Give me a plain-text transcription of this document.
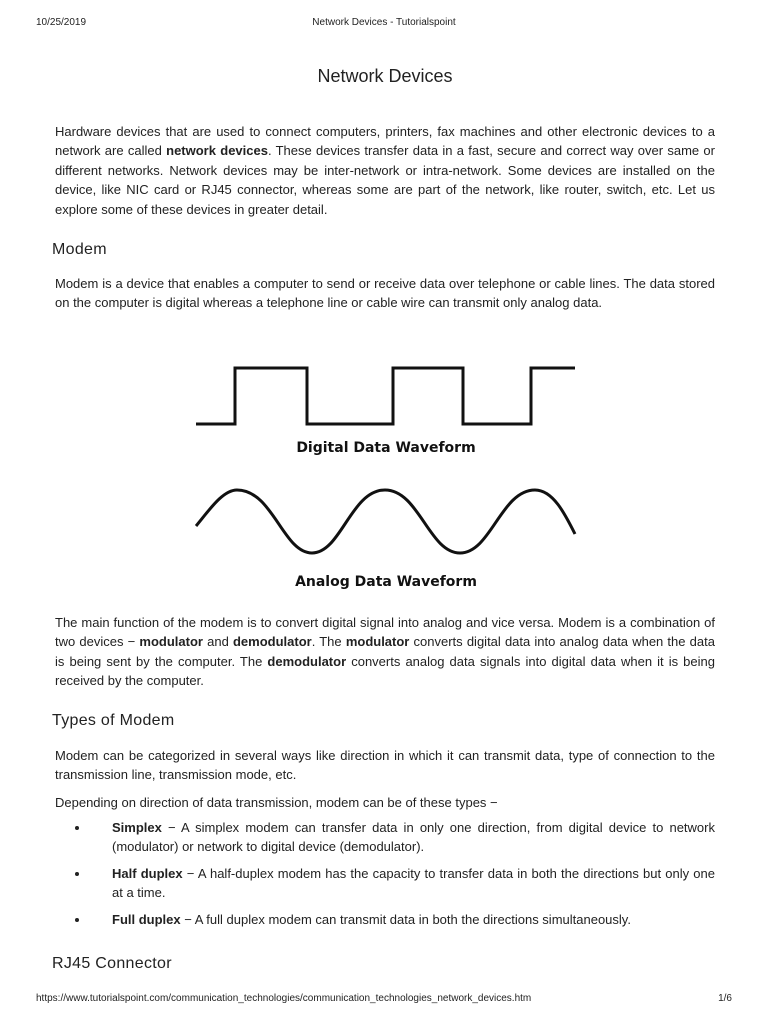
10/25/2019	Network Devices - Tutorialspoint
Network Devices

Hardware devices that are used to connect computers, printers, fax machines and other electronic devices to a network are called network devices. These devices transfer data in a fast, secure and correct way over same or different networks. Network devices may be inter-network or intra-network. Some devices are installed on the device, like NIC card or RJ45 connector, whereas some are part of the network, like router, switch, etc. Let us explore some of these devices in greater detail.

Modem

Modem is a device that enables a computer to send or receive data over telephone or cable lines. The data stored on the computer is digital whereas a telephone line or cable wire can transmit only analog data.

Digital Data Waveform
Analog Data Waveform

The main function of the modem is to convert digital signal into analog and vice versa. Modem is a combination of two devices − modulator and demodulator. The modulator converts digital data into analog data when the data is being sent by the computer. The demodulator converts analog data signals into digital data when it is being received by the computer.

Types of Modem

Modem can be categorized in several ways like direction in which it can transmit data, type of connection to the transmission line, transmission mode, etc.

Depending on direction of data transmission, modem can be of these types −

Simplex − A simplex modem can transfer data in only one direction, from digital device to network (modulator) or network to digital device (demodulator).
Half duplex − A half-duplex modem has the capacity to transfer data in both the directions but only one at a time.
Full duplex − A full duplex modem can transmit data in both the directions simultaneously.
RJ45 Connector
https://www.tutorialspoint.com/communication_technologies/communication_technologies_network_devices.htm	1/6
